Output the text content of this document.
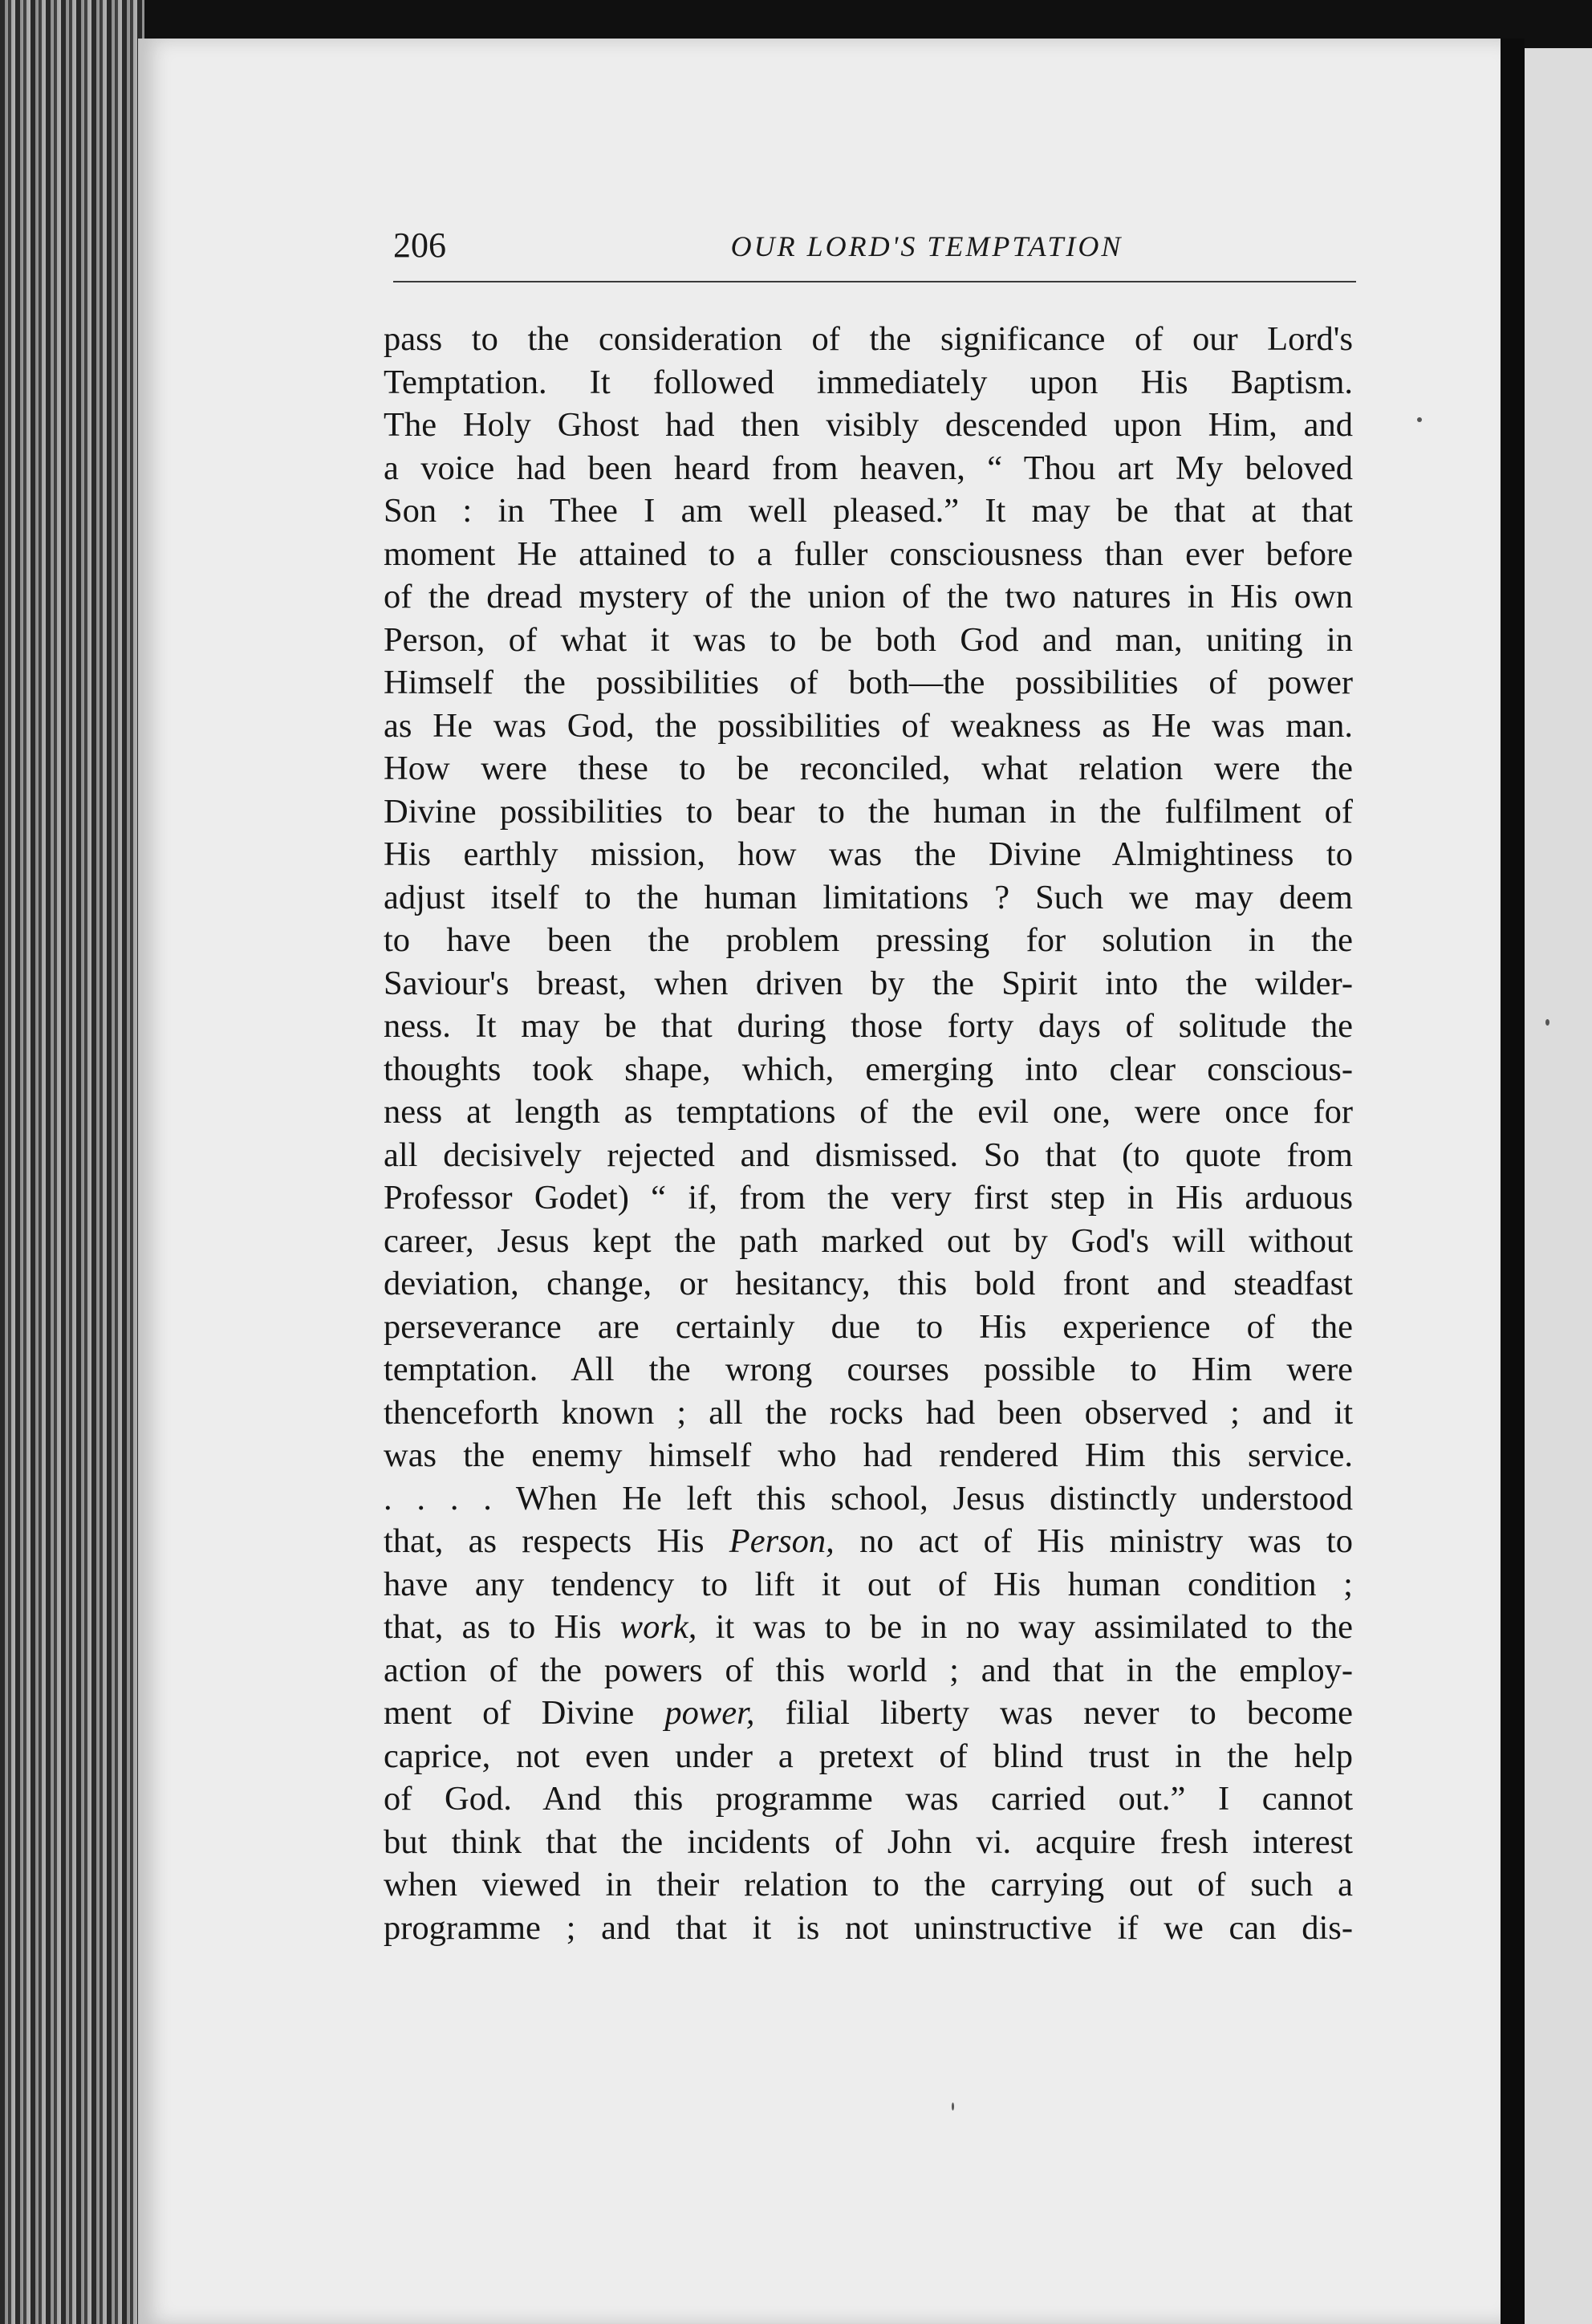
206	OUR LORD'S TEMPTATION
pass to the consideration of the significance of our Lord's
Temptation. It followed immediately upon His Baptism.
The Holy Ghost had then visibly descended upon Him, and
a voice had been heard from heaven, “ Thou art My beloved
Son : in Thee I am well pleased.” It may be that at that
moment He attained to a fuller consciousness than ever before
of the dread mystery of the union of the two natures in His own
Person, of what it was to be both God and man, uniting in
Himself the possibilities of both—the possibilities of power
as He was God, the possibilities of weakness as He was man.
How were these to be reconciled, what relation were the
Divine possibilities to bear to the human in the fulfilment of
His earthly mission, how was the Divine Almightiness to
adjust itself to the human limitations ? Such we may deem
to have been the problem pressing for solution in the
Saviour's breast, when driven by the Spirit into the wilder-
ness. It may be that during those forty days of solitude the
thoughts took shape, which, emerging into clear conscious-
ness at length as temptations of the evil one, were once for
all decisively rejected and dismissed. So that (to quote from
Professor Godet) “ if, from the very first step in His arduous
career, Jesus kept the path marked out by God's will without
deviation, change, or hesitancy, this bold front and steadfast
perseverance are certainly due to His experience of the
temptation. All the wrong courses possible to Him were
thenceforth known ; all the rocks had been observed ; and it
was the enemy himself who had rendered Him this service.
. . . . When He left this school, Jesus distinctly understood
that, as respects His Person, no act of His ministry was to
have any tendency to lift it out of His human condition ;
that, as to His work, it was to be in no way assimilated to the
action of the powers of this world ; and that in the employ-
ment of Divine power, filial liberty was never to become
caprice, not even under a pretext of blind trust in the help
of God. And this programme was carried out.” I cannot
but think that the incidents of John vi. acquire fresh interest
when viewed in their relation to the carrying out of such a
programme ; and that it is not uninstructive if we can dis-
